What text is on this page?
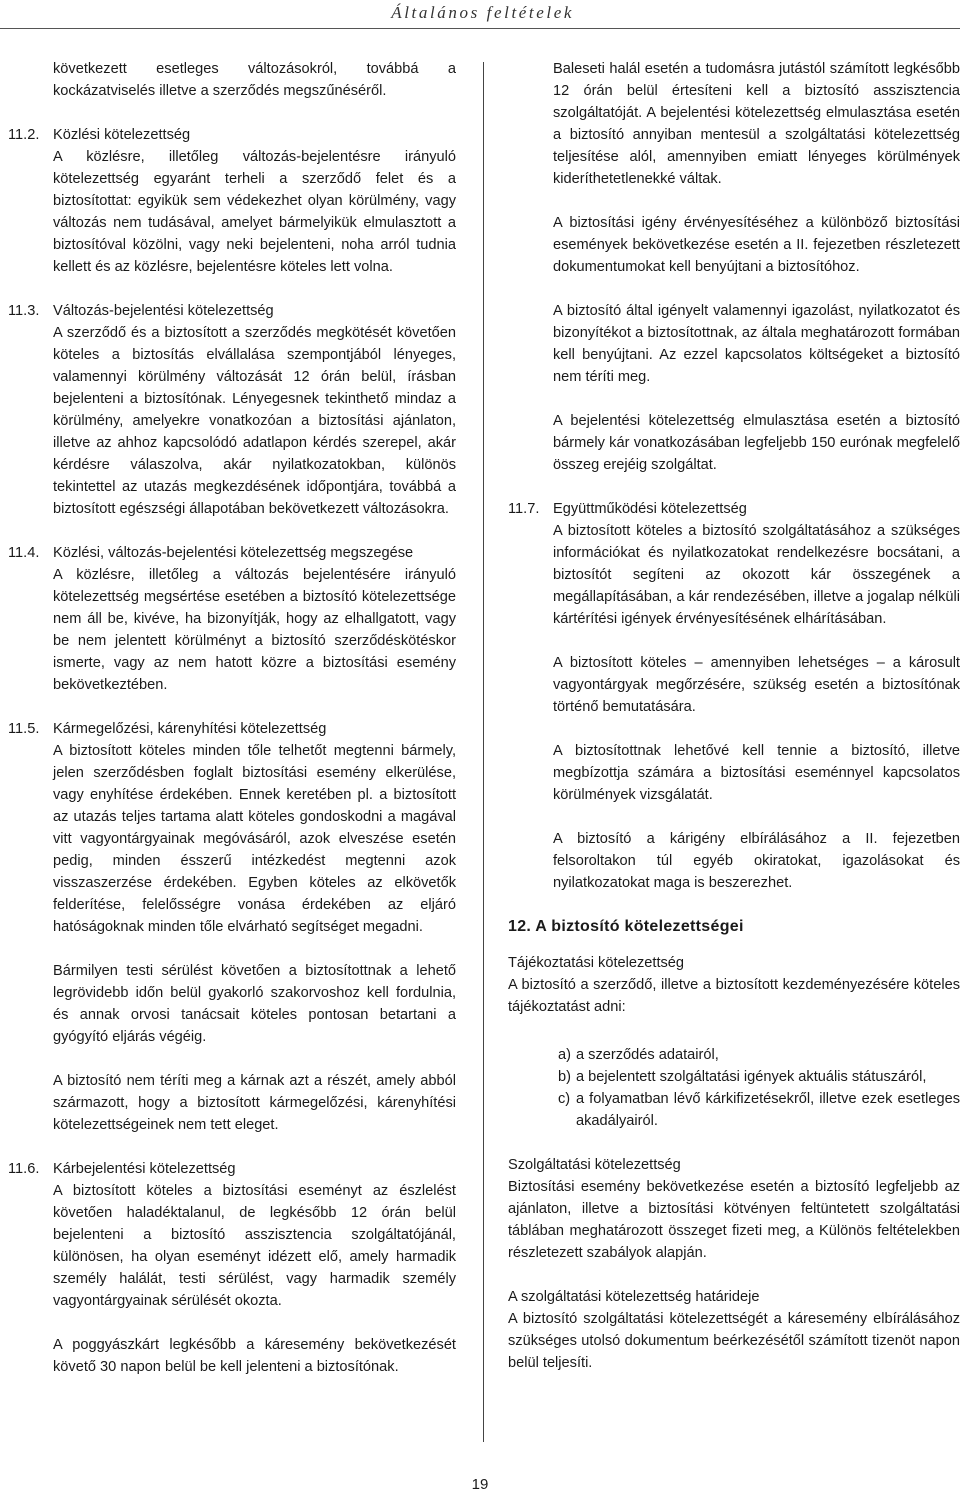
Általános feltételek

következett esetleges változásokról, továbbá a kockázatviselés illetve a szerződés megszűnéséről.

11.2. Közlési kötelezettség

A közlésre, illetőleg változás-bejelentésre irányuló kötelezettség egyaránt terheli a szerződő felet és a biztosítottat: egyikük sem védekezhet olyan körülmény, vagy változás nem tudásával, amelyet bármelyikük elmulasztott a biztosítóval közölni, vagy neki bejelenteni, noha arról tudnia kellett és az közlésre, bejelentésre köteles lett volna.

11.3. Változás-bejelentési kötelezettség

A szerződő és a biztosított a szerződés megkötését követően köteles a biztosítás elvállalása szempontjából lényeges, valamennyi körülmény változását 12 órán belül, írásban bejelenteni a biztosítónak. Lényegesnek tekinthető mindaz a körülmény, amelyekre vonatkozóan a biztosítási ajánlaton, illetve az ahhoz kapcsolódó adatlapon kérdés szerepel, akár kérdésre válaszolva, akár nyilatkozatokban, különös tekintettel az utazás megkezdésének időpontjára, továbbá a biztosított egészségi állapotában bekövetkezett változásokra.

11.4. Közlési, változás-bejelentési kötelezettség megszegése

A közlésre, illetőleg a változás bejelentésére irányuló kötelezettség megsértése esetében a biztosító kötelezettsége nem áll be, kivéve, ha bizonyítják, hogy az elhallgatott, vagy be nem jelentett körülményt a biztosító szerződéskötéskor ismerte, vagy az nem hatott közre a biztosítási esemény bekövetkeztében.

11.5. Kármegelőzési, kárenyhítési kötelezettség

A biztosított köteles minden tőle telhetőt megtenni bármely, jelen szerződésben foglalt biztosítási esemény elkerülése, vagy enyhítése érdekében. Ennek keretében pl. a biztosított az utazás teljes tartama alatt köteles gondoskodni a magával vitt vagyontárgyainak megóvásáról, azok elveszése esetén pedig, minden ésszerű intézkedést megtenni azok visszaszerzése érdekében. Egyben köteles az elkövetők felderítése, felelősségre vonása érdekében az eljáró hatóságoknak minden tőle elvárható segítséget megadni.

Bármilyen testi sérülést követően a biztosítottnak a lehető legrövidebb időn belül gyakorló szakorvoshoz kell fordulnia, és annak orvosi tanácsait köteles pontosan betartani a gyógyító eljárás végéig.

A biztosító nem téríti meg a kárnak azt a részét, amely abból származott, hogy a biztosított kármegelőzési, kárenyhítési kötelezettségeinek nem tett eleget.

11.6. Kárbejelentési kötelezettség

A biztosított köteles a biztosítási eseményt az észlelést követően haladéktalanul, de legkésőbb 12 órán belül bejelenteni a biztosító asszisztencia szolgáltatójánál, különösen, ha olyan eseményt idézett elő, amely harmadik személy halálát, testi sérülést, vagy harmadik személy vagyontárgyainak sérülését okozta.

A poggyászkárt legkésőbb a káresemény bekövetkezését követő 30 napon belül be kell jelenteni a biztosítónak.

Baleseti halál esetén a tudomásra jutástól számított legkésőbb 12 órán belül értesíteni kell a biztosító asszisztencia szolgáltatóját. A bejelentési kötelezettség elmulasztása esetén a biztosító annyiban mentesül a szolgáltatási kötelezettség teljesítése alól, amennyiben emiatt lényeges körülmények kideríthetetlenekké váltak.

A biztosítási igény érvényesítéséhez a különböző biztosítási események bekövetkezése esetén a II. fejezetben részletezett dokumentumokat kell benyújtani a biztosítóhoz.

A biztosító által igényelt valamennyi igazolást, nyilatkozatot és bizonyítékot a biztosítottnak, az általa meghatározott formában kell benyújtani. Az ezzel kapcsolatos költségeket a biztosító nem téríti meg.

A bejelentési kötelezettség elmulasztása esetén a biztosító bármely kár vonatkozásában legfeljebb 150 eurónak megfelelő összeg erejéig szolgáltat.

11.7. Együttműködési kötelezettség

A biztosított köteles a biztosító szolgáltatásához a szükséges információkat és nyilatkozatokat rendelkezésre bocsátani, a biztosítót segíteni az okozott kár összegének a megállapításában, a kár rendezésében, illetve a jogalap nélküli kártérítési igények érvényesítésének elhárításában.

A biztosított köteles – amennyiben lehetséges – a károsult vagyontárgyak megőrzésére, szükség esetén a biztosítónak történő bemutatására.

A biztosítottnak lehetővé kell tennie a biztosító, illetve megbízottja számára a biztosítási eseménnyel kapcsolatos körülmények vizsgálatát.

A biztosító a kárigény elbírálásához a II. fejezetben felsoroltakon túl egyéb okiratokat, igazolásokat és nyilatkozatokat maga is beszerezhet.

12. A biztosító kötelezettségei

Tájékoztatási kötelezettség

A biztosító a szerződő, illetve a biztosított kezdeményezésére köteles tájékoztatást adni:

a) a szerződés adatairól,
b) a bejelentett szolgáltatási igények aktuális státuszáról,
c) a folyamatban lévő kárkifizetésekről, illetve ezek esetleges akadályairól.

Szolgáltatási kötelezettség

Biztosítási esemény bekövetkezése esetén a biztosító legfeljebb az ajánlaton, illetve a biztosítási kötvényen feltüntetett szolgáltatási táblában meghatározott összeget fizeti meg, a Különös feltételekben részletezett szabályok alapján.

A szolgáltatási kötelezettség határideje

A biztosító szolgáltatási kötelezettségét a káresemény elbírálásához szükséges utolsó dokumentum beérkezésétől számított tizenöt napon belül teljesíti.

19
